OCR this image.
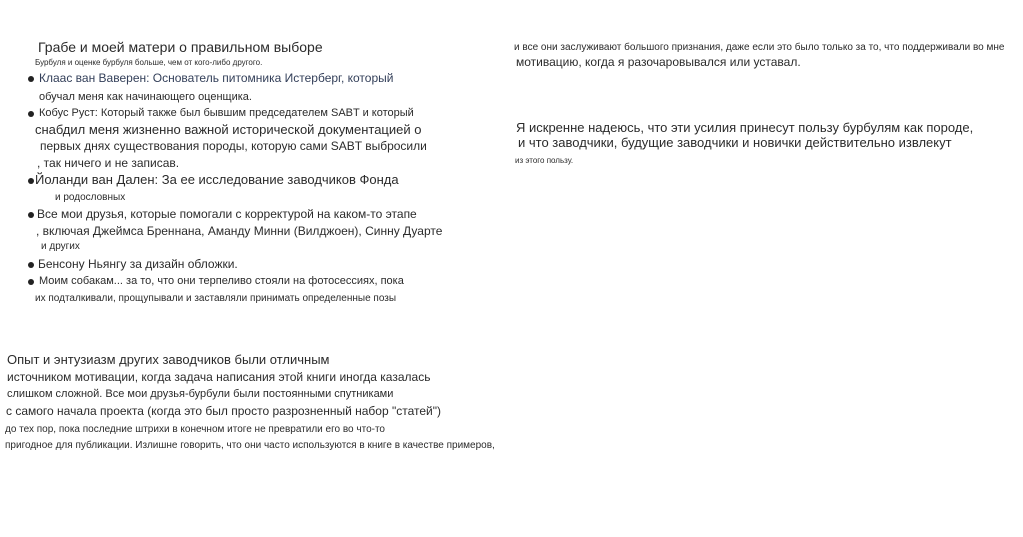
Грабе и моей матери о правильном выборе
Бурбуля и оценке бурбуля больше, чем от кого-либо другого.
Клаас ван Ваверен: Основатель питомника Истерберг, который
обучал меня как начинающего оценщика.
Кобус Руст: Который также был бывшим председателем SABT и который
снабдил меня жизненно важной исторической документацией о
первых днях существования породы, которую сами SABT выбросили
, так ничего и не записав.
Йоланди ван Дален: За ее исследование заводчиков Фонда
и родословных
Все мои друзья, которые помогали с корректурой на каком-то этапе
, включая Джеймса Бреннана, Аманду Минни (Вилджоен), Синну Дуарте
и других
Бенсону Ньянгу за дизайн обложки.
Моим собакам... за то, что они терпеливо стояли на фотосессиях, пока
их подталкивали, прощупывали и заставляли принимать определенные позы
Опыт и энтузиазм других заводчиков были отличным
источником мотивации, когда задача написания этой книги иногда казалась
слишком сложной. Все мои друзья-бурбули были постоянными спутниками
с самого начала проекта (когда это был просто разрозненный набор "статей")
до тех пор, пока последние штрихи в конечном итоге не превратили его во что-то
пригодное для публикации. Излишне говорить, что они часто используются в книге в качестве примеров,
и все они заслуживают большого признания, даже если это было только за то, что поддерживали во мне
мотивацию, когда я разочаровывался или уставал.
Я искренне надеюсь, что эти усилия принесут пользу бурбулям как породе,
и что заводчики, будущие заводчики и новички действительно извлекут
из этого пользу.
